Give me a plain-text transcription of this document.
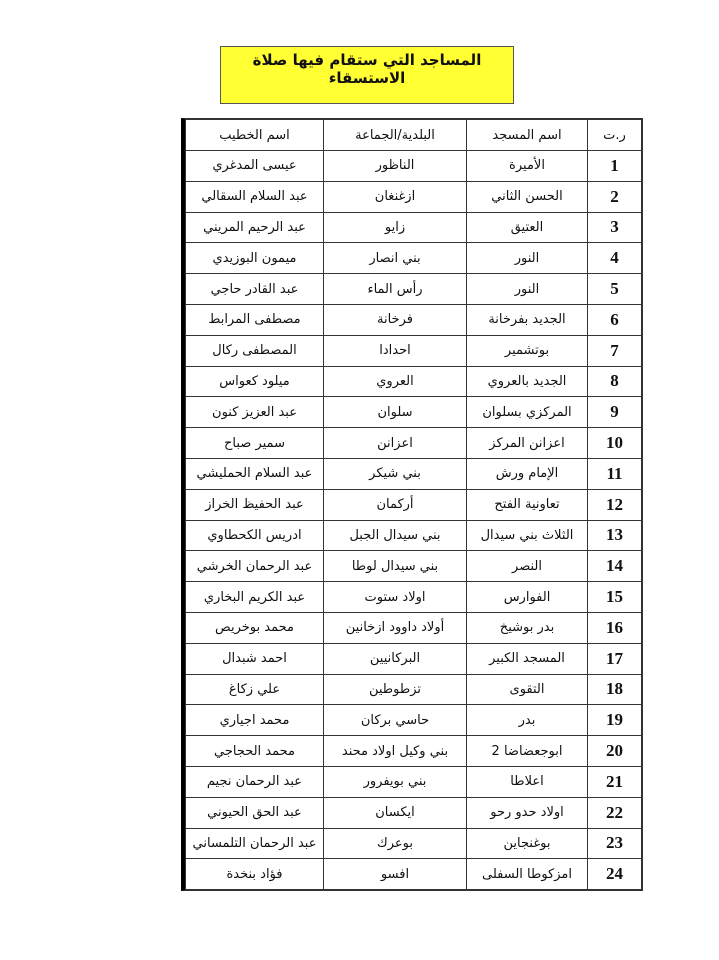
المساجد التي ستقام فيها صلاة الاستسقاء
ر.ت	اسم المسجد	البلدية/الجماعة	اسم الخطيب
1	الأميرة	الناظور	عيسى المدغري
2	الحسن الثاني	ازغنغان	عبد السلام السقالي
3	العتيق	زايو	عبد الرحيم المريني
4	النور	بني انصار	ميمون البوزيدي
5	النور	رأس الماء	عبد القادر حاجي
6	الجديد بفرخانة	فرخانة	مصطفى المرابط
7	بوتشمير	احدادا	المصطفى ركال
8	الجديد بالعروي	العروي	ميلود كعواس
9	المركزي بسلوان	سلوان	عبد العزيز كنون
10	اعزانن المركز	اعزانن	سمير صباح
11	الإمام ورش	بني شيكر	عبد السلام الحمليشي
12	تعاونية الفتح	أركمان	عبد الحفيظ الخراز
13	الثلاث بني سيدال	بني سيدال الجبل	ادريس الكحطاوي
14	النصر	بني سيدال لوطا	عبد الرحمان الخرشي
15	الفوارس	اولاد ستوت	عبد الكريم البخاري
16	بدر بوشيخ	أولاد داوود ازخانين	محمد بوخريص
17	المسجد الكبير	البركانيين	احمد شبدال
18	التقوى	تزطوطين	علي زكاغ
19	بدر	حاسي بركان	محمد اجياري
20	ابوجعضاضا 2	بني وكيل اولاد محند	محمد الحجاجي
21	اعلاطا	بني بويفرور	عبد الرحمان نجيم
22	اولاد حدو رحو	ايكسان	عبد الحق الحيوني
23	بوغنجاين	بوعرك	عبد الرحمان التلمساني
24	امزكوطا السفلى	افسو	فؤاد بنخدة
